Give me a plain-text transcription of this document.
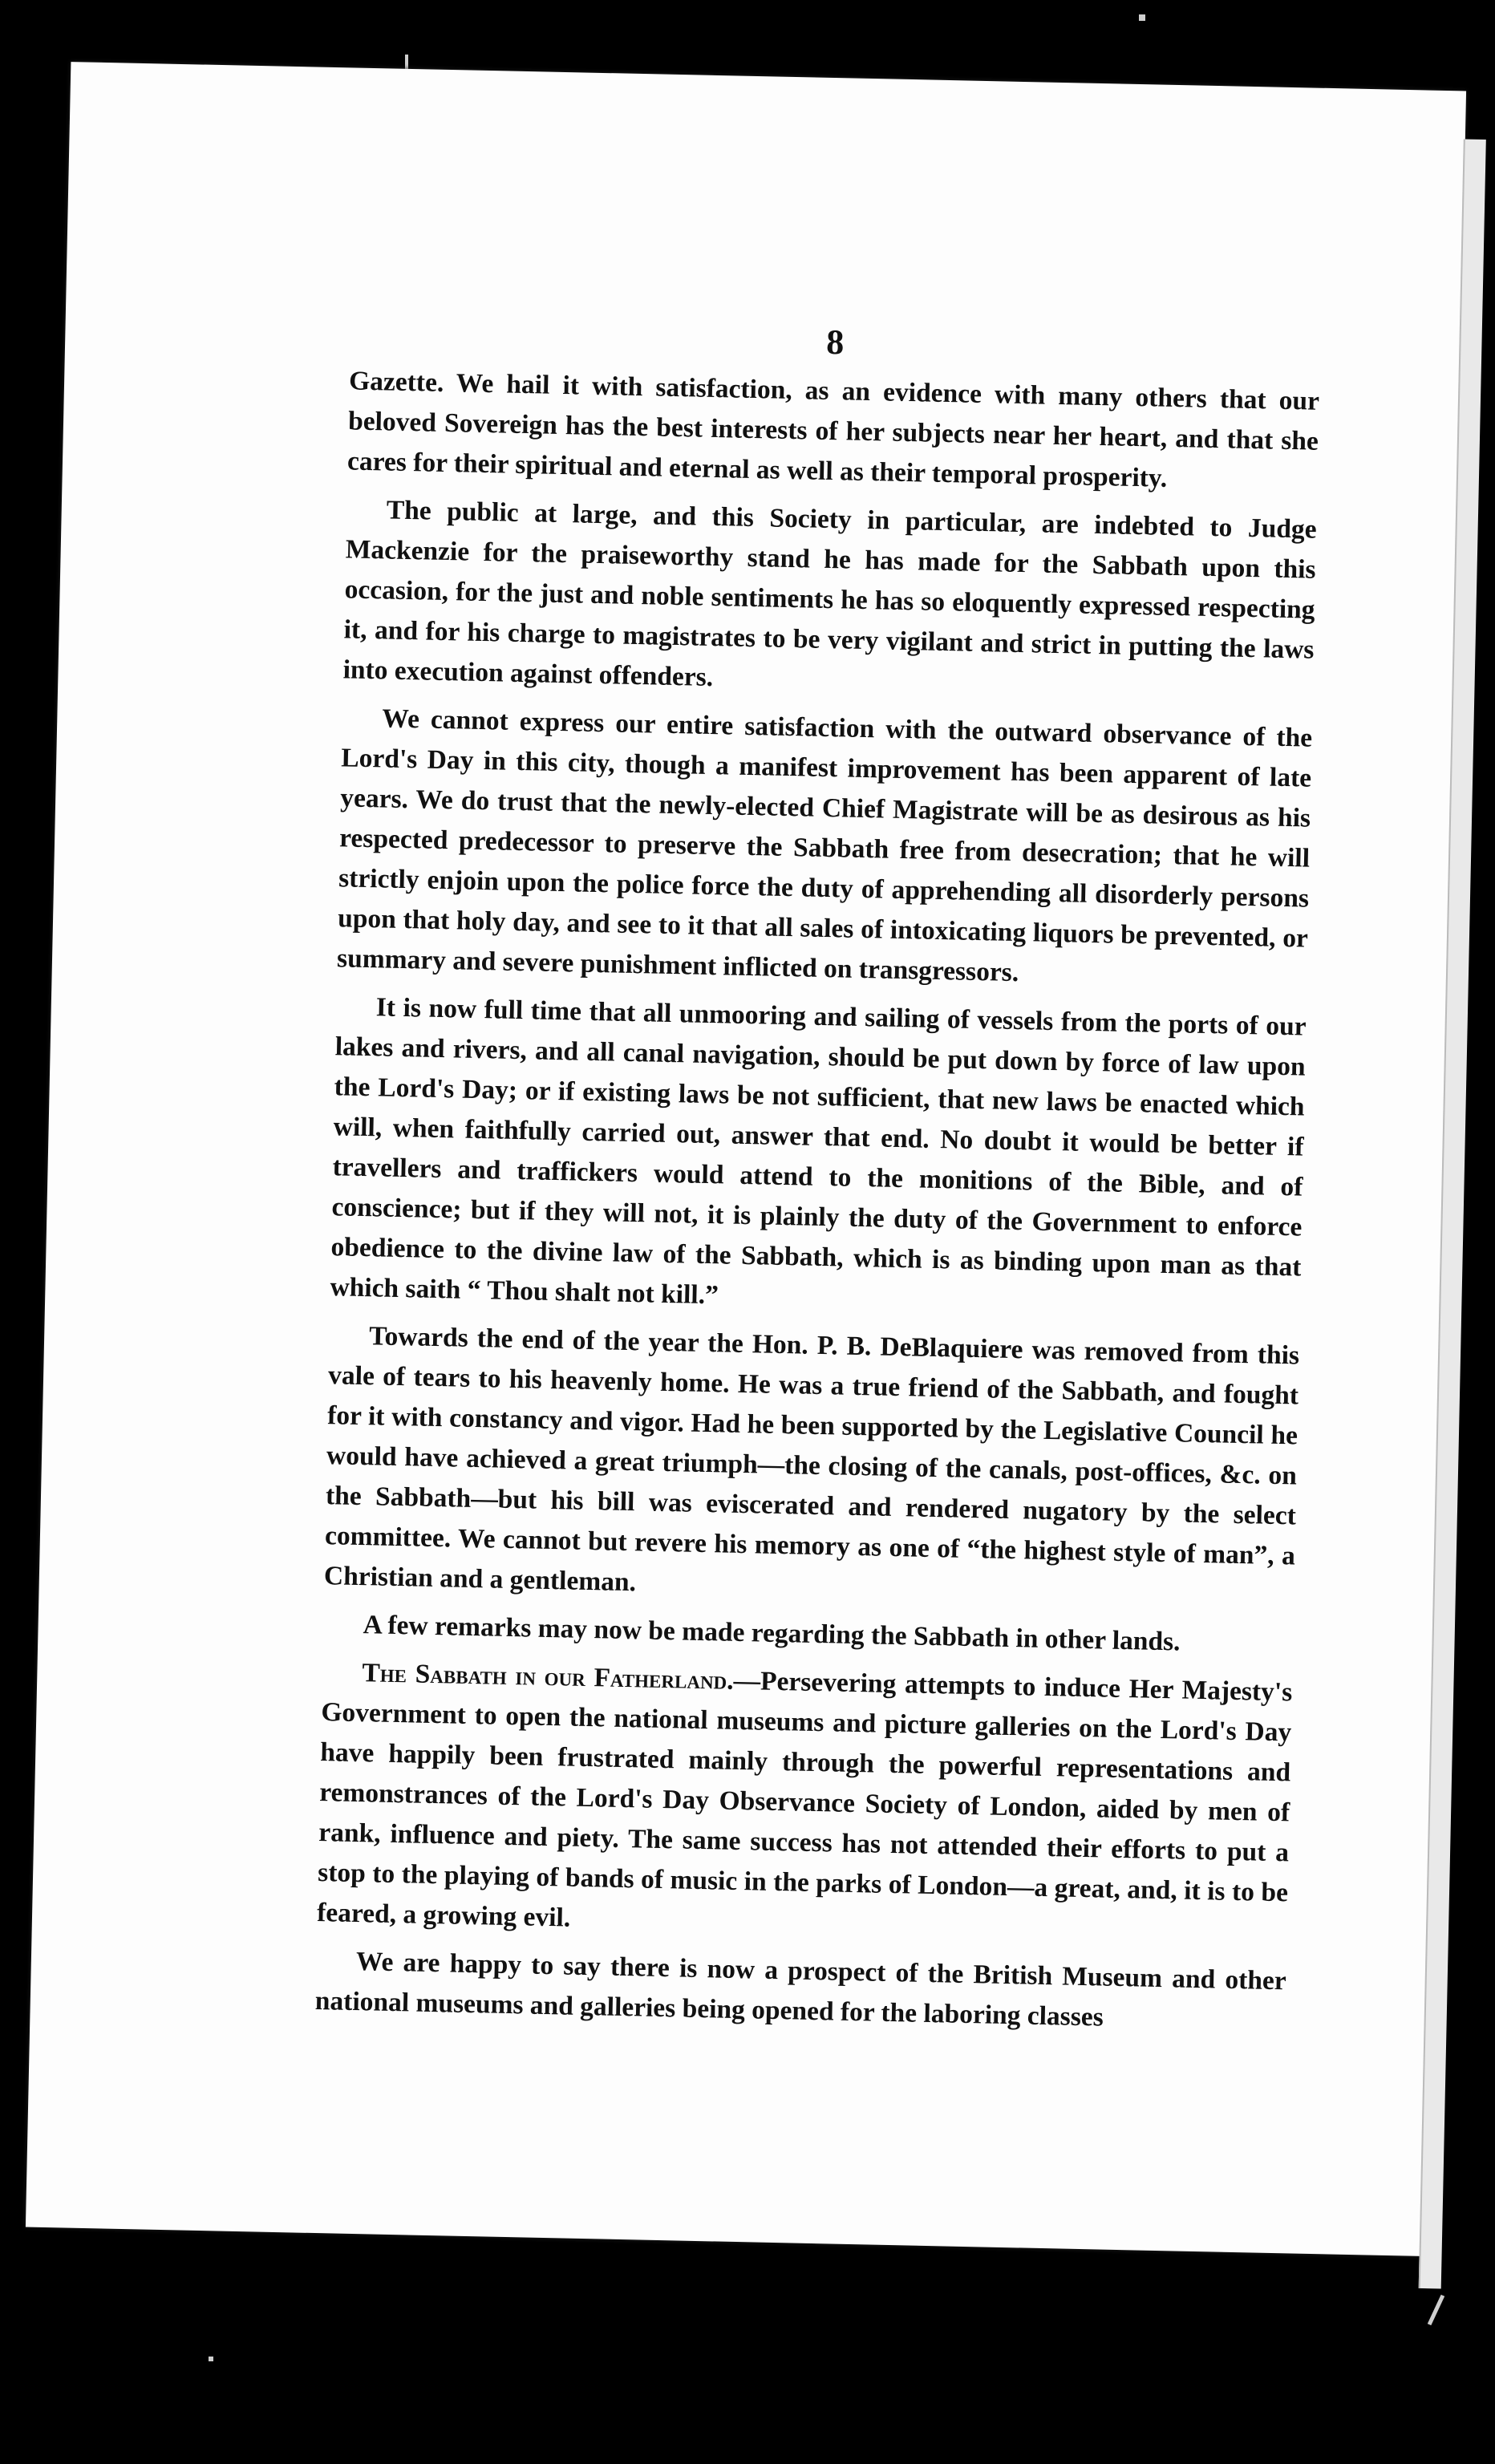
8

Gazette. We hail it with satisfaction, as an evidence with many others that our beloved Sovereign has the best interests of her subjects near her heart, and that she cares for their spiritual and eternal as well as their temporal prosperity.

The public at large, and this Society in particular, are indebted to Judge Mackenzie for the praiseworthy stand he has made for the Sabbath upon this occasion, for the just and noble sentiments he has so eloquently expressed respecting it, and for his charge to magistrates to be very vigilant and strict in putting the laws into execution against offenders.

We cannot express our entire satisfaction with the outward observance of the Lord's Day in this city, though a manifest improvement has been apparent of late years. We do trust that the newly-elected Chief Magistrate will be as desirous as his respected predecessor to preserve the Sabbath free from desecration; that he will strictly enjoin upon the police force the duty of apprehending all disorderly persons upon that holy day, and see to it that all sales of intoxicating liquors be prevented, or summary and severe punishment inflicted on transgressors.

It is now full time that all unmooring and sailing of vessels from the ports of our lakes and rivers, and all canal navigation, should be put down by force of law upon the Lord's Day; or if existing laws be not sufficient, that new laws be enacted which will, when faithfully carried out, answer that end. No doubt it would be better if travellers and traffickers would attend to the monitions of the Bible, and of conscience; but if they will not, it is plainly the duty of the Government to enforce obedience to the divine law of the Sabbath, which is as binding upon man as that which saith “ Thou shalt not kill.”

Towards the end of the year the Hon. P. B. DeBlaquiere was removed from this vale of tears to his heavenly home. He was a true friend of the Sabbath, and fought for it with constancy and vigor. Had he been supported by the Legislative Council he would have achieved a great triumph—the closing of the canals, post-offices, &c. on the Sabbath—but his bill was eviscerated and rendered nugatory by the select committee. We cannot but revere his memory as one of “the highest style of man”, a Christian and a gentleman.

A few remarks may now be made regarding the Sabbath in other lands.

The Sabbath in our Fatherland.—Persevering attempts to induce Her Majesty's Government to open the national museums and picture galleries on the Lord's Day have happily been frustrated mainly through the powerful representations and remonstrances of the Lord's Day Observance Society of London, aided by men of rank, influence and piety. The same success has not attended their efforts to put a stop to the playing of bands of music in the parks of London—a great, and, it is to be feared, a growing evil.

We are happy to say there is now a prospect of the British Museum and other national museums and galleries being opened for the laboring classes
